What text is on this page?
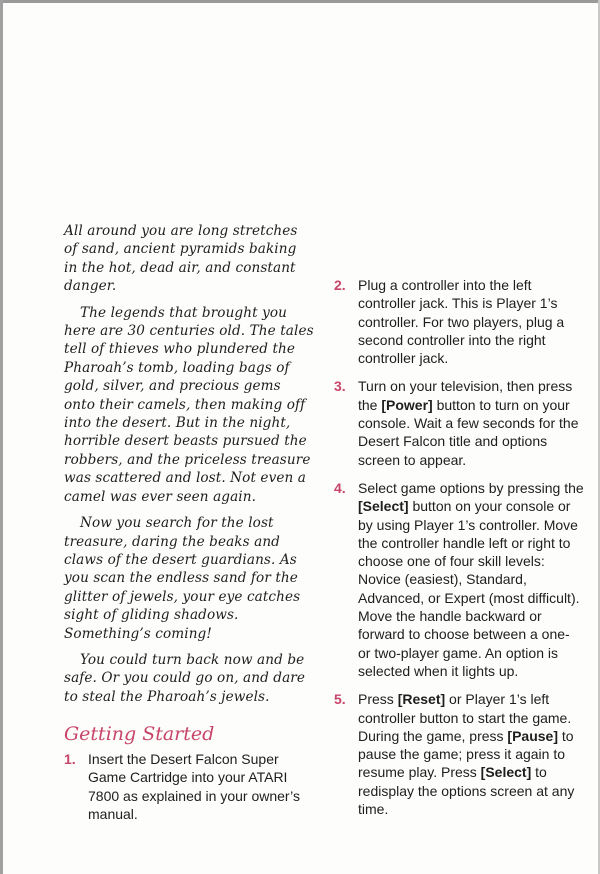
All around you are long stretches of sand, ancient pyramids baking in the hot, dead air, and constant danger.

The legends that brought you here are 30 centuries old. The tales tell of thieves who plundered the Pharoah’s tomb, loading bags of gold, silver, and precious gems onto their camels, then making off into the desert. But in the night, horrible desert beasts pursued the robbers, and the priceless treasure was scattered and lost. Not even a camel was ever seen again.

Now you search for the lost treasure, daring the beaks and claws of the desert guardians. As you scan the endless sand for the glitter of jewels, your eye catches sight of gliding shadows. Something’s coming!

You could turn back now and be safe. Or you could go on, and dare to steal the Pharoah’s jewels.

Getting Started
1. Insert the Desert Falcon Super Game Cartridge into your ATARI 7800 as explained in your owner’s manual.
2. Plug a controller into the left controller jack. This is Player 1’s controller. For two players, plug a second controller into the right controller jack.
3. Turn on your television, then press the [Power] button to turn on your console. Wait a few seconds for the Desert Falcon title and options screen to appear.
4. Select game options by pressing the [Select] button on your console or by using Player 1’s controller. Move the controller handle left or right to choose one of four skill levels: Novice (easiest), Standard, Advanced, or Expert (most difficult). Move the handle backward or forward to choose between a one- or two-player game. An option is selected when it lights up.
5. Press [Reset] or Player 1’s left controller button to start the game. During the game, press [Pause] to pause the game; press it again to resume play. Press [Select] to redisplay the options screen at any time.
